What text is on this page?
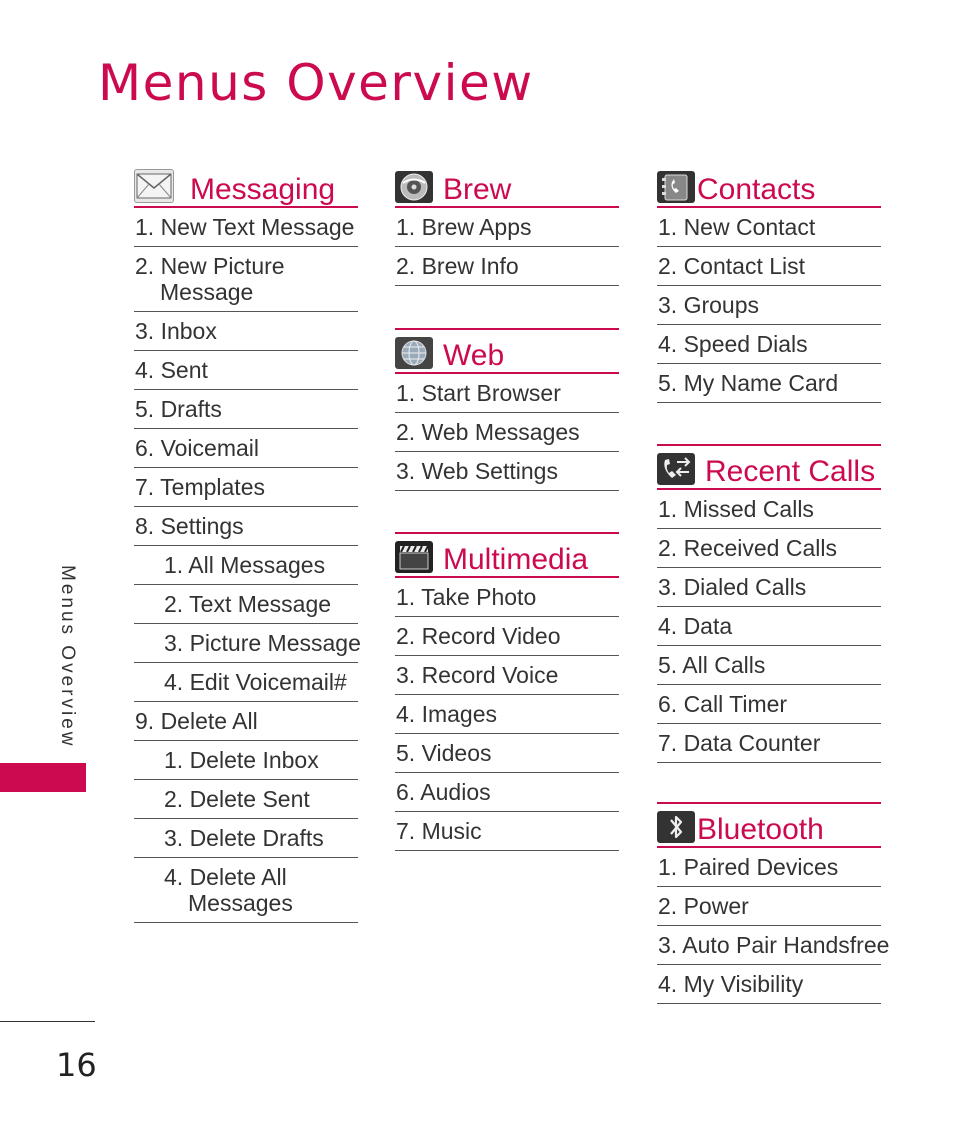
Menus Overview
Messaging
1. New Text Message
2. New Picture
Message
3. Inbox
4. Sent
5. Drafts
6. Voicemail
7. Templates
8. Settings
1. All Messages
2. Text Message
3. Picture Message
4. Edit Voicemail#
9. Delete All
1. Delete Inbox
2. Delete Sent
3. Delete Drafts
4. Delete All
Messages
Brew
1. Brew Apps
2. Brew Info
Web
1. Start Browser
2. Web Messages
3. Web Settings
Multimedia
1. Take Photo
2. Record Video
3. Record Voice
4. Images
5. Videos
6. Audios
7. Music
Contacts
1. New Contact
2. Contact List
3. Groups
4. Speed Dials
5. My Name Card
Recent Calls
1. Missed Calls
2. Received Calls
3. Dialed Calls
4. Data
5. All Calls
6. Call Timer
7. Data Counter
Bluetooth
1. Paired Devices
2. Power
3. Auto Pair Handsfree
4. My Visibility
Menus Overview
16
